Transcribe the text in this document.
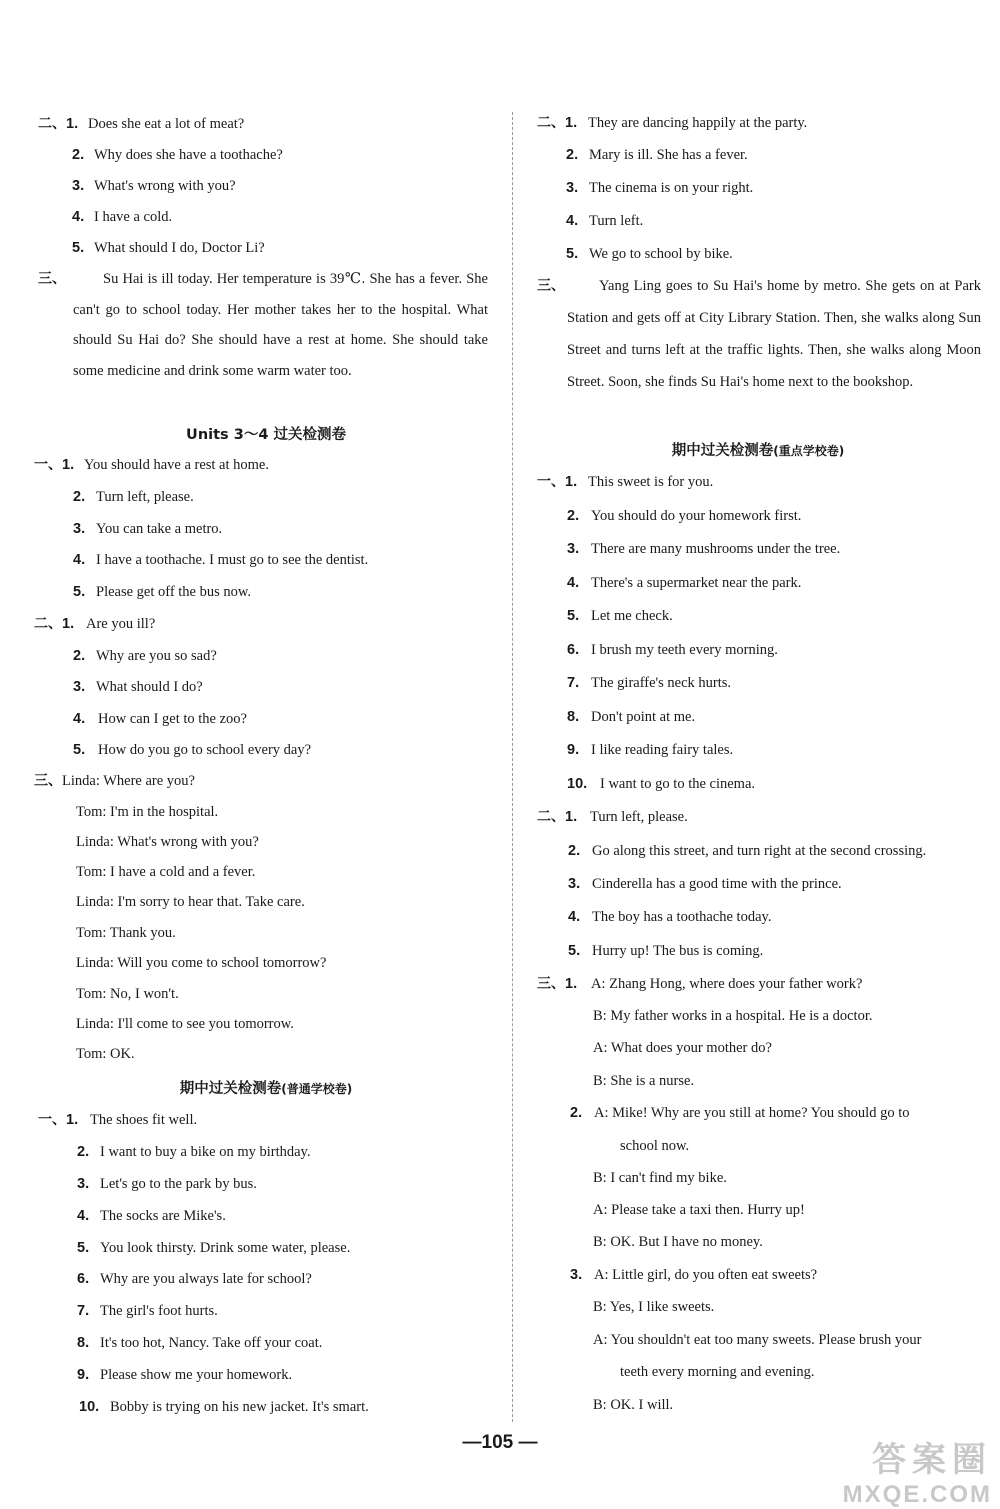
二、1. Does she eat a lot of meat?
2. Why does she have a toothache?
3. What's wrong with you?
4. I have a cold.
5. What should I do, Doctor Li?
三、	Su Hai is ill today. Her temperature is 39℃. She has a fever. She can't go to school today. Her mother takes her to the hospital. What should Su Hai do? She should have a rest at home. She should take some medicine and drink some warm water too.
Units 3～4 过关检测卷
一、1. You should have a rest at home.
2. Turn left, please.
3. You can take a metro.
4. I have a toothache. I must go to see the dentist.
5. Please get off the bus now.
二、1. Are you ill?
2. Why are you so sad?
3. What should I do?
4. How can I get to the zoo?
5. How do you go to school every day?
三、Linda: Where are you?
Tom: I'm in the hospital.
Linda: What's wrong with you?
Tom: I have a cold and a fever.
Linda: I'm sorry to hear that. Take care.
Tom: Thank you.
Linda: Will you come to school tomorrow?
Tom: No, I won't.
Linda: I'll come to see you tomorrow.
Tom: OK.
期中过关检测卷(普通学校卷)
一、1. The shoes fit well.
2. I want to buy a bike on my birthday.
3. Let's go to the park by bus.
4. The socks are Mike's.
5. You look thirsty. Drink some water, please.
6. Why are you always late for school?
7. The girl's foot hurts.
8. It's too hot, Nancy. Take off your coat.
9. Please show me your homework.
10. Bobby is trying on his new jacket. It's smart.
二、1. They are dancing happily at the party.
2. Mary is ill. She has a fever.
3. The cinema is on your right.
4. Turn left.
5. We go to school by bike.
三、	Yang Ling goes to Su Hai's home by metro. She gets on at Park Station and gets off at City Library Station. Then, she walks along Sun Street and turns left at the traffic lights. Then, she walks along Moon Street. Soon, she finds Su Hai's home next to the bookshop.
期中过关检测卷(重点学校卷)
一、1. This sweet is for you.
2. You should do your homework first.
3. There are many mushrooms under the tree.
4. There's a supermarket near the park.
5. Let me check.
6. I brush my teeth every morning.
7. The giraffe's neck hurts.
8. Don't point at me.
9. I like reading fairy tales.
10. I want to go to the cinema.
二、1. Turn left, please.
2. Go along this street, and turn right at the second crossing.
3. Cinderella has a good time with the prince.
4. The boy has a toothache today.
5. Hurry up! The bus is coming.
三、1. A: Zhang Hong, where does your father work?
B: My father works in a hospital. He is a doctor.
A: What does your mother do?
B: She is a nurse.
2. A: Mike! Why are you still at home? You should go to
school now.
B: I can't find my bike.
A: Please take a taxi then. Hurry up!
B: OK. But I have no money.
3. A: Little girl, do you often eat sweets?
B: Yes, I like sweets.
A: You shouldn't eat too many sweets. Please brush your
teeth every morning and evening.
B: OK. I will.
—105 —	答案圈
MXQE.COM
